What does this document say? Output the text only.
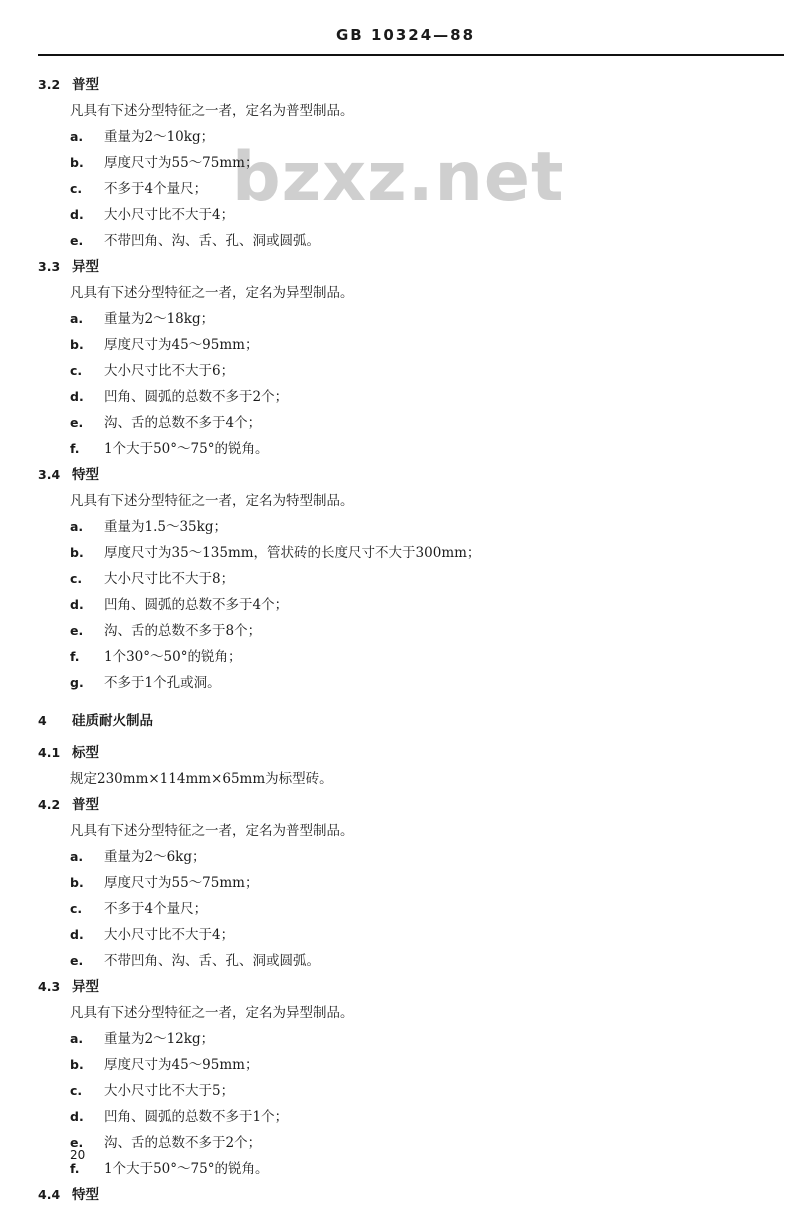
GB 10324—88
bzxz.net
3.2 普型
凡具有下述分型特征之一者，定名为普型制品。
a. 重量为2～10kg；
b. 厚度尺寸为55～75mm；
c. 不多于4个量尺；
d. 大小尺寸比不大于4；
e. 不带凹角、沟、舌、孔、洞或圆弧。
3.3 异型
凡具有下述分型特征之一者，定名为异型制品。
a. 重量为2～18kg；
b. 厚度尺寸为45～95mm；
c. 大小尺寸比不大于6；
d. 凹角、圆弧的总数不多于2个；
e. 沟、舌的总数不多于4个；
f. 1个大于50°～75°的锐角。
3.4 特型
凡具有下述分型特征之一者，定名为特型制品。
a. 重量为1.5～35kg；
b. 厚度尺寸为35～135mm，管状砖的长度尺寸不大于300mm；
c. 大小尺寸比不大于8；
d. 凹角、圆弧的总数不多于4个；
e. 沟、舌的总数不多于8个；
f. 1个30°～50°的锐角；
g. 不多于1个孔或洞。
4 硅质耐火制品
4.1 标型
规定230mm×114mm×65mm为标型砖。
4.2 普型
凡具有下述分型特征之一者，定名为普型制品。
a. 重量为2～6kg；
b. 厚度尺寸为55～75mm；
c. 不多于4个量尺；
d. 大小尺寸比不大于4；
e. 不带凹角、沟、舌、孔、洞或圆弧。
4.3 异型
凡具有下述分型特征之一者，定名为异型制品。
a. 重量为2～12kg；
b. 厚度尺寸为45～95mm；
c. 大小尺寸比不大于5；
d. 凹角、圆弧的总数不多于1个；
e. 沟、舌的总数不多于2个；
f. 1个大于50°～75°的锐角。
4.4 特型
20
